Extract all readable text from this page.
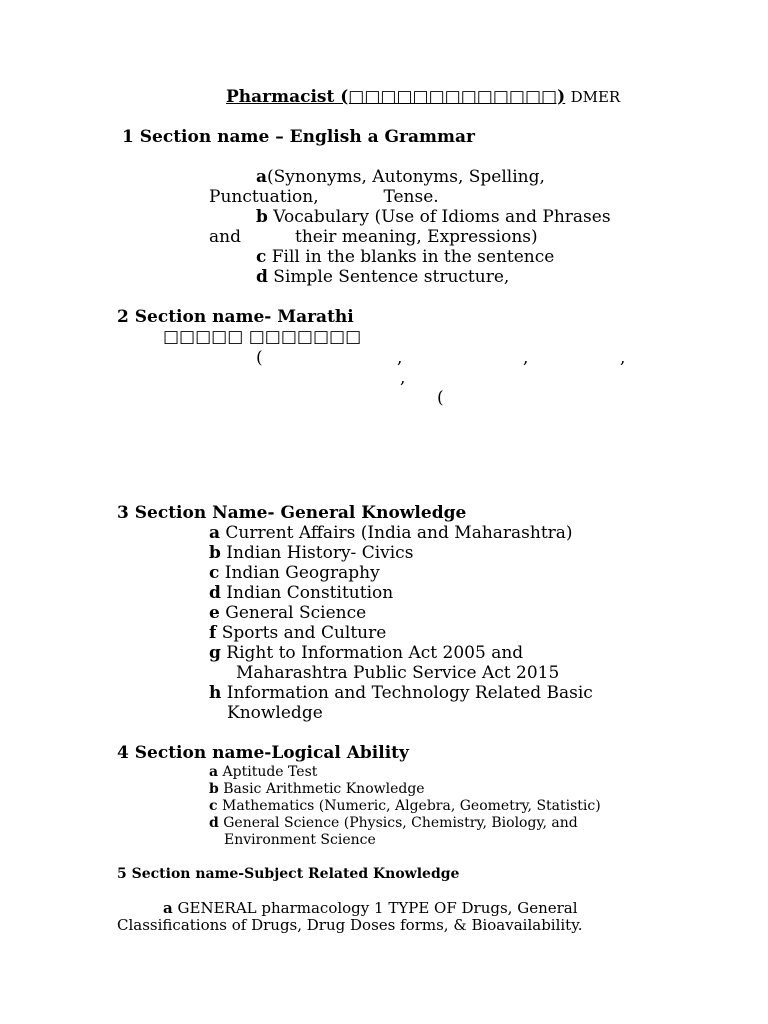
Pharmacist (□□□□□□□□□□□□□) DMER
1 Section name – English a Grammar
a(Synonyms, Autonyms, Spelling,
Punctuation,            Tense.
b Vocabulary (Use of Idioms and Phrases
and          their meaning, Expressions)
c Fill in the blanks in the sentence
d Simple Sentence structure,
2 Section name- Marathi
□□□□□ □□□□□□□
(	,	,	,
,
(
3 Section Name- General Knowledge
a Current Affairs (India and Maharashtra)
b Indian History- Civics
c Indian Geography
d Indian Constitution
e General Science
f Sports and Culture
g Right to Information Act 2005 and
Maharashtra Public Service Act 2015
h Information and Technology Related Basic
Knowledge
4 Section name-Logical Ability
a Aptitude Test
b Basic Arithmetic Knowledge
c Mathematics (Numeric, Algebra, Geometry, Statistic)
d General Science (Physics, Chemistry, Biology, and
Environment Science
5 Section name-Subject Related Knowledge
a GENERAL pharmacology 1 TYPE OF Drugs, General
Classifications of Drugs, Drug Doses forms, & Bioavailability.
